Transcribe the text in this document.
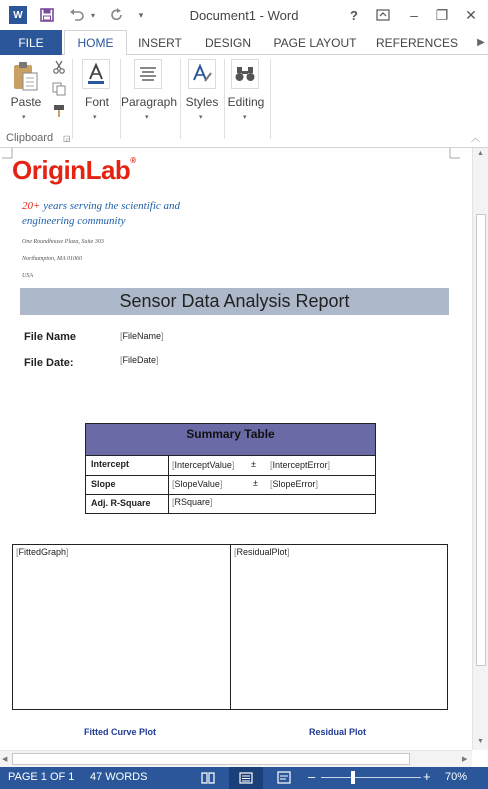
W	▾	▾	Document1 - Word	?	–	❐	✕
FILE	HOME	INSERT	DESIGN	PAGE LAYOUT	REFERENCES	▶
Paste
▾
Clipboard ◲
Font
▾
Paragraph
▾
Styles
▾
Editing
▾
︿
OriginLab®
20+ years serving the scientific and
engineering community
One Roundhouse Plaza, Suite 303
Northampton, MA 01060
USA
Sensor Data Analysis Report
File Name	[ FileName ]
File Date:	[ FileDate ]
Summary Table
Intercept	[ InterceptValue ] ± [ InterceptError ]
Slope	[ SlopeValue ]	± [ SlopeError ]
Adj. R-Square	[ RSquare ]
[ FittedGraph ]	[ ResidualPlot ]
Fitted Curve Plot	Residual Plot
▲
▼
◀	▶
PAGE 1 OF 1 47 WORDS	–	+ 70%
